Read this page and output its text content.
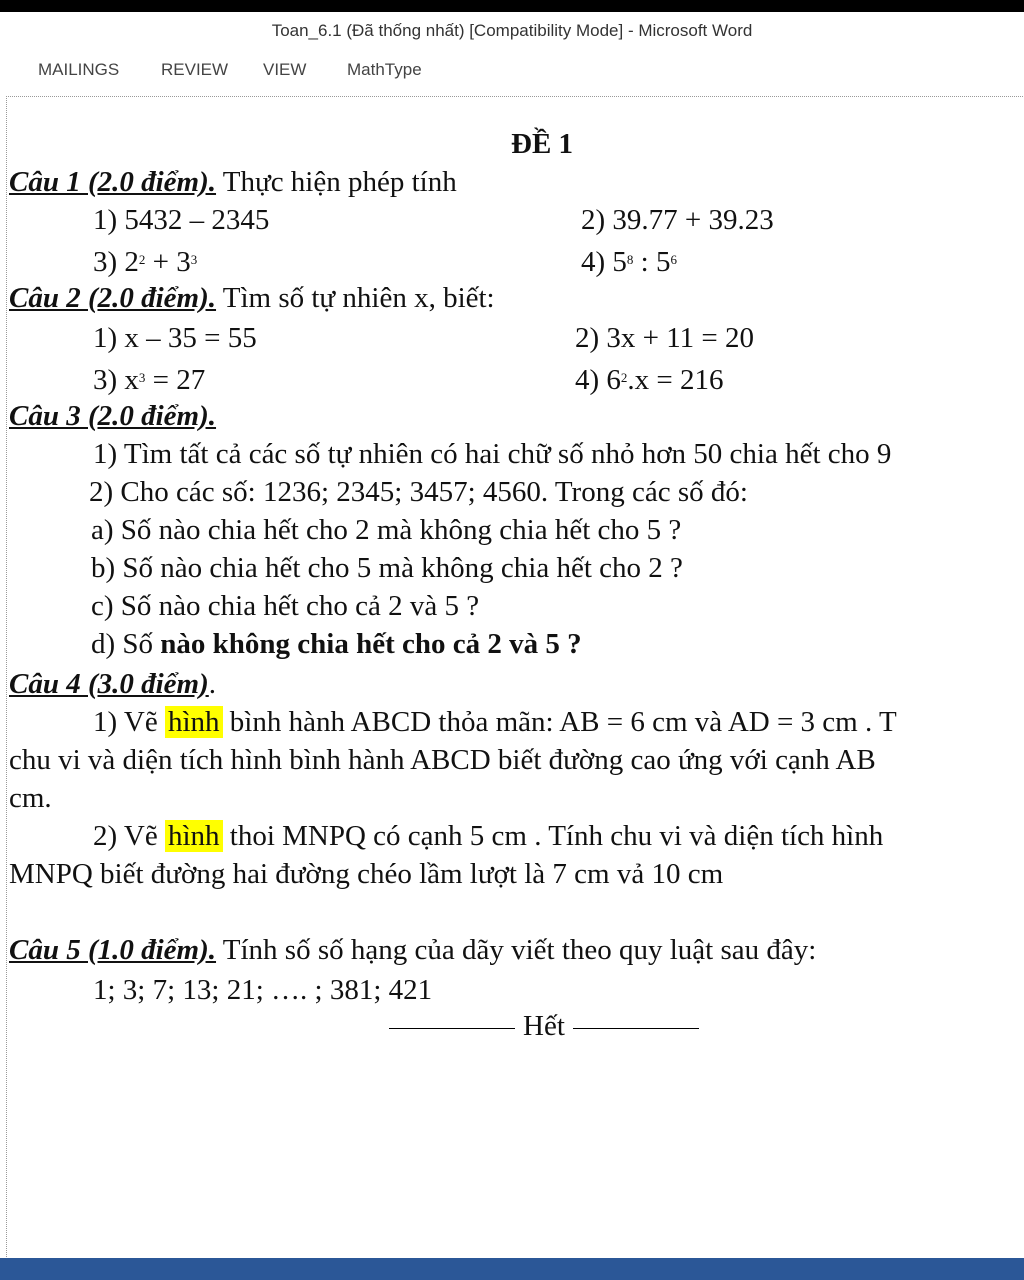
Toan_6.1 (Đã thống nhất) [Compatibility Mode] - Microsoft Word
MAILINGS REVIEW VIEW MathType
ĐỀ 1
Câu 1 (2.0 điểm). Thực hiện phép tính
1) 5432 – 2345	2) 39.77 + 39.23
3) $2^2 + 3^3$	4) $5^8$ : $5^6$
Câu 2 (2.0 điểm). Tìm số tự nhiên x, biết:
1) x – 35 = 55	2) 3x + 11 = 20
3) $x^3 = 27$	4) $6^2.x = 216$
Câu 3 (2.0 điểm).
1) Tìm tất cả các số tự nhiên có hai chữ số nhỏ hơn 50 chia hết cho 9
2) Cho các số: 1236; 2345; 3457; 4560. Trong các số đó:
a) Số nào chia hết cho 2 mà không chia hết cho 5 ?
b) Số nào chia hết cho 5 mà không chia hết cho 2 ?
c) Số nào chia hết cho cả 2 và 5 ?
d) Số nào không chia hết cho cả 2 và 5 ?
Câu 4 (3.0 điểm).
1) Vẽ hình bình hành ABCD thỏa mãn: AB = 6 cm và AD = 3 cm . T
chu vi và diện tích hình bình hành ABCD biết đường cao ứng với cạnh AB
cm.
2) Vẽ hình thoi MNPQ có cạnh 5 cm . Tính chu vi và diện tích hình
MNPQ biết đường hai đường chéo lầm lượt là 7 cm vả 10 cm
Câu 5 (1.0 điểm). Tính số số hạng của dãy viết theo quy luật sau đây:
1; 3; 7; 13; 21; …. ; 381; 421
Hết
